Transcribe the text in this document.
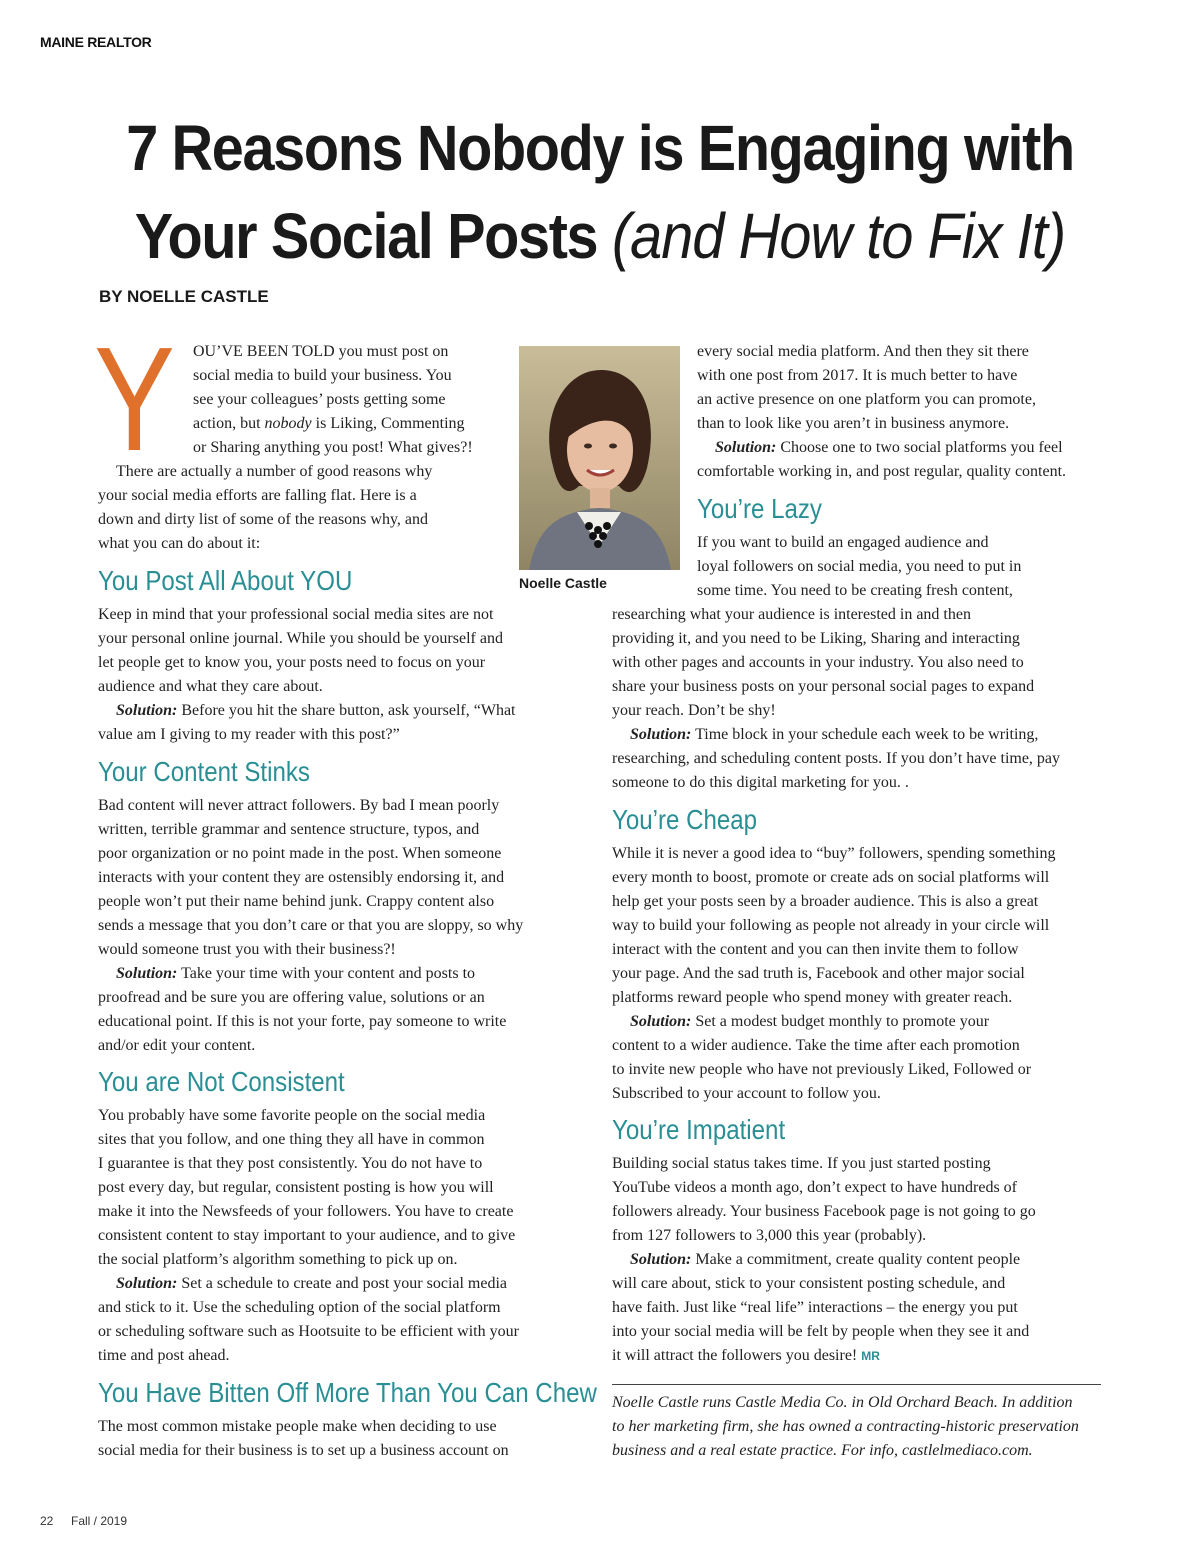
MAINE REALTOR
7 Reasons Nobody is Engaging with
Your Social Posts (and How to Fix It)
BY NOELLE CASTLE
Y
Noelle Castle
OU’VE BEEN TOLD you must post on
social media to build your business. You
see your colleagues’ posts getting some
action, but nobody is Liking, Commenting
or Sharing anything you post! What gives?!
There are actually a number of good reasons why
your social media efforts are falling flat. Here is a
down and dirty list of some of the reasons why, and
what you can do about it:
You Post All About YOU
Keep in mind that your professional social media sites are not
your personal online journal. While you should be yourself and
let people get to know you, your posts need to focus on your
audience and what they care about.
Solution: Before you hit the share button, ask yourself, “What
value am I giving to my reader with this post?”
Your Content Stinks
Bad content will never attract followers. By bad I mean poorly
written, terrible grammar and sentence structure, typos, and
poor organization or no point made in the post. When someone
interacts with your content they are ostensibly endorsing it, and
people won’t put their name behind junk. Crappy content also
sends a message that you don’t care or that you are sloppy, so why
would someone trust you with their business?!
Solution: Take your time with your content and posts to
proofread and be sure you are offering value, solutions or an
educational point. If this is not your forte, pay someone to write
and/or edit your content.
You are Not Consistent
You probably have some favorite people on the social media
sites that you follow, and one thing they all have in common
I guarantee is that they post consistently. You do not have to
post every day, but regular, consistent posting is how you will
make it into the Newsfeeds of your followers. You have to create
consistent content to stay important to your audience, and to give
the social platform’s algorithm something to pick up on.
Solution: Set a schedule to create and post your social media
and stick to it. Use the scheduling option of the social platform
or scheduling software such as Hootsuite to be efficient with your
time and post ahead.
You Have Bitten Off More Than You Can Chew
The most common mistake people make when deciding to use
social media for their business is to set up a business account on
every social media platform. And then they sit there
with one post from 2017. It is much better to have
an active presence on one platform you can promote,
than to look like you aren’t in business anymore.
Solution: Choose one to two social platforms you feel
comfortable working in, and post regular, quality content.
You’re Lazy
If you want to build an engaged audience and
loyal followers on social media, you need to put in
some time. You need to be creating fresh content,
researching what your audience is interested in and then
providing it, and you need to be Liking, Sharing and interacting
with other pages and accounts in your industry. You also need to
share your business posts on your personal social pages to expand
your reach. Don’t be shy!
Solution: Time block in your schedule each week to be writing,
researching, and scheduling content posts. If you don’t have time, pay
someone to do this digital marketing for you. .
You’re Cheap
While it is never a good idea to “buy” followers, spending something
every month to boost, promote or create ads on social platforms will
help get your posts seen by a broader audience. This is also a great
way to build your following as people not already in your circle will
interact with the content and you can then invite them to follow
your page. And the sad truth is, Facebook and other major social
platforms reward people who spend money with greater reach.
Solution: Set a modest budget monthly to promote your
content to a wider audience. Take the time after each promotion
to invite new people who have not previously Liked, Followed or
Subscribed to your account to follow you.
You’re Impatient
Building social status takes time. If you just started posting
YouTube videos a month ago, don’t expect to have hundreds of
followers already. Your business Facebook page is not going to go
from 127 followers to 3,000 this year (probably).
Solution: Make a commitment, create quality content people
will care about, stick to your consistent posting schedule, and
have faith. Just like “real life” interactions – the energy you put
into your social media will be felt by people when they see it and
it will attract the followers you desire! MR
Noelle Castle runs Castle Media Co. in Old Orchard Beach. In addition
to her marketing firm, she has owned a contracting-historic preservation
business and a real estate practice. For info, castlelmediaco.com.
22 Fall / 2019
